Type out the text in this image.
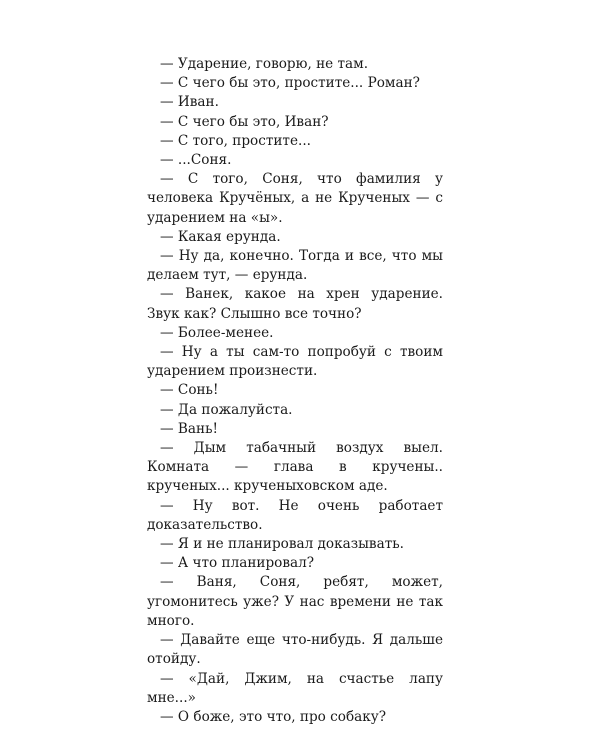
— Ударение, говорю, не там.

— С чего бы это, простите... Роман?

— Иван.

— С чего бы это, Иван?

— С того, простите...

— ...Соня.

— С того, Соня, что фамилия у человека Кручёных, а не Крученых — с ударением на «ы».

— Какая ерунда.

— Ну да, конечно. Тогда и все, что мы делаем тут, — ерунда.

— Ванек, какое на хрен ударение. Звук как? Слышно все точно?

— Более-менее.

— Ну а ты сам-то попробуй с твоим ударением произнести.

— Сонь!

— Да пожалуйста.

— Вань!

— Дым табачный воздух выел. Комната — глава в кручены.. крученых... крученыховском аде.

— Ну вот. Не очень работает доказательство.

— Я и не планировал доказывать.

— А что планировал?

— Ваня, Соня, ребят, может, угомонитесь уже? У нас времени не так много.

— Давайте еще что-нибудь. Я дальше отойду.

— «Дай, Джим, на счастье лапу мне...»

— О боже, это что, про собаку?
